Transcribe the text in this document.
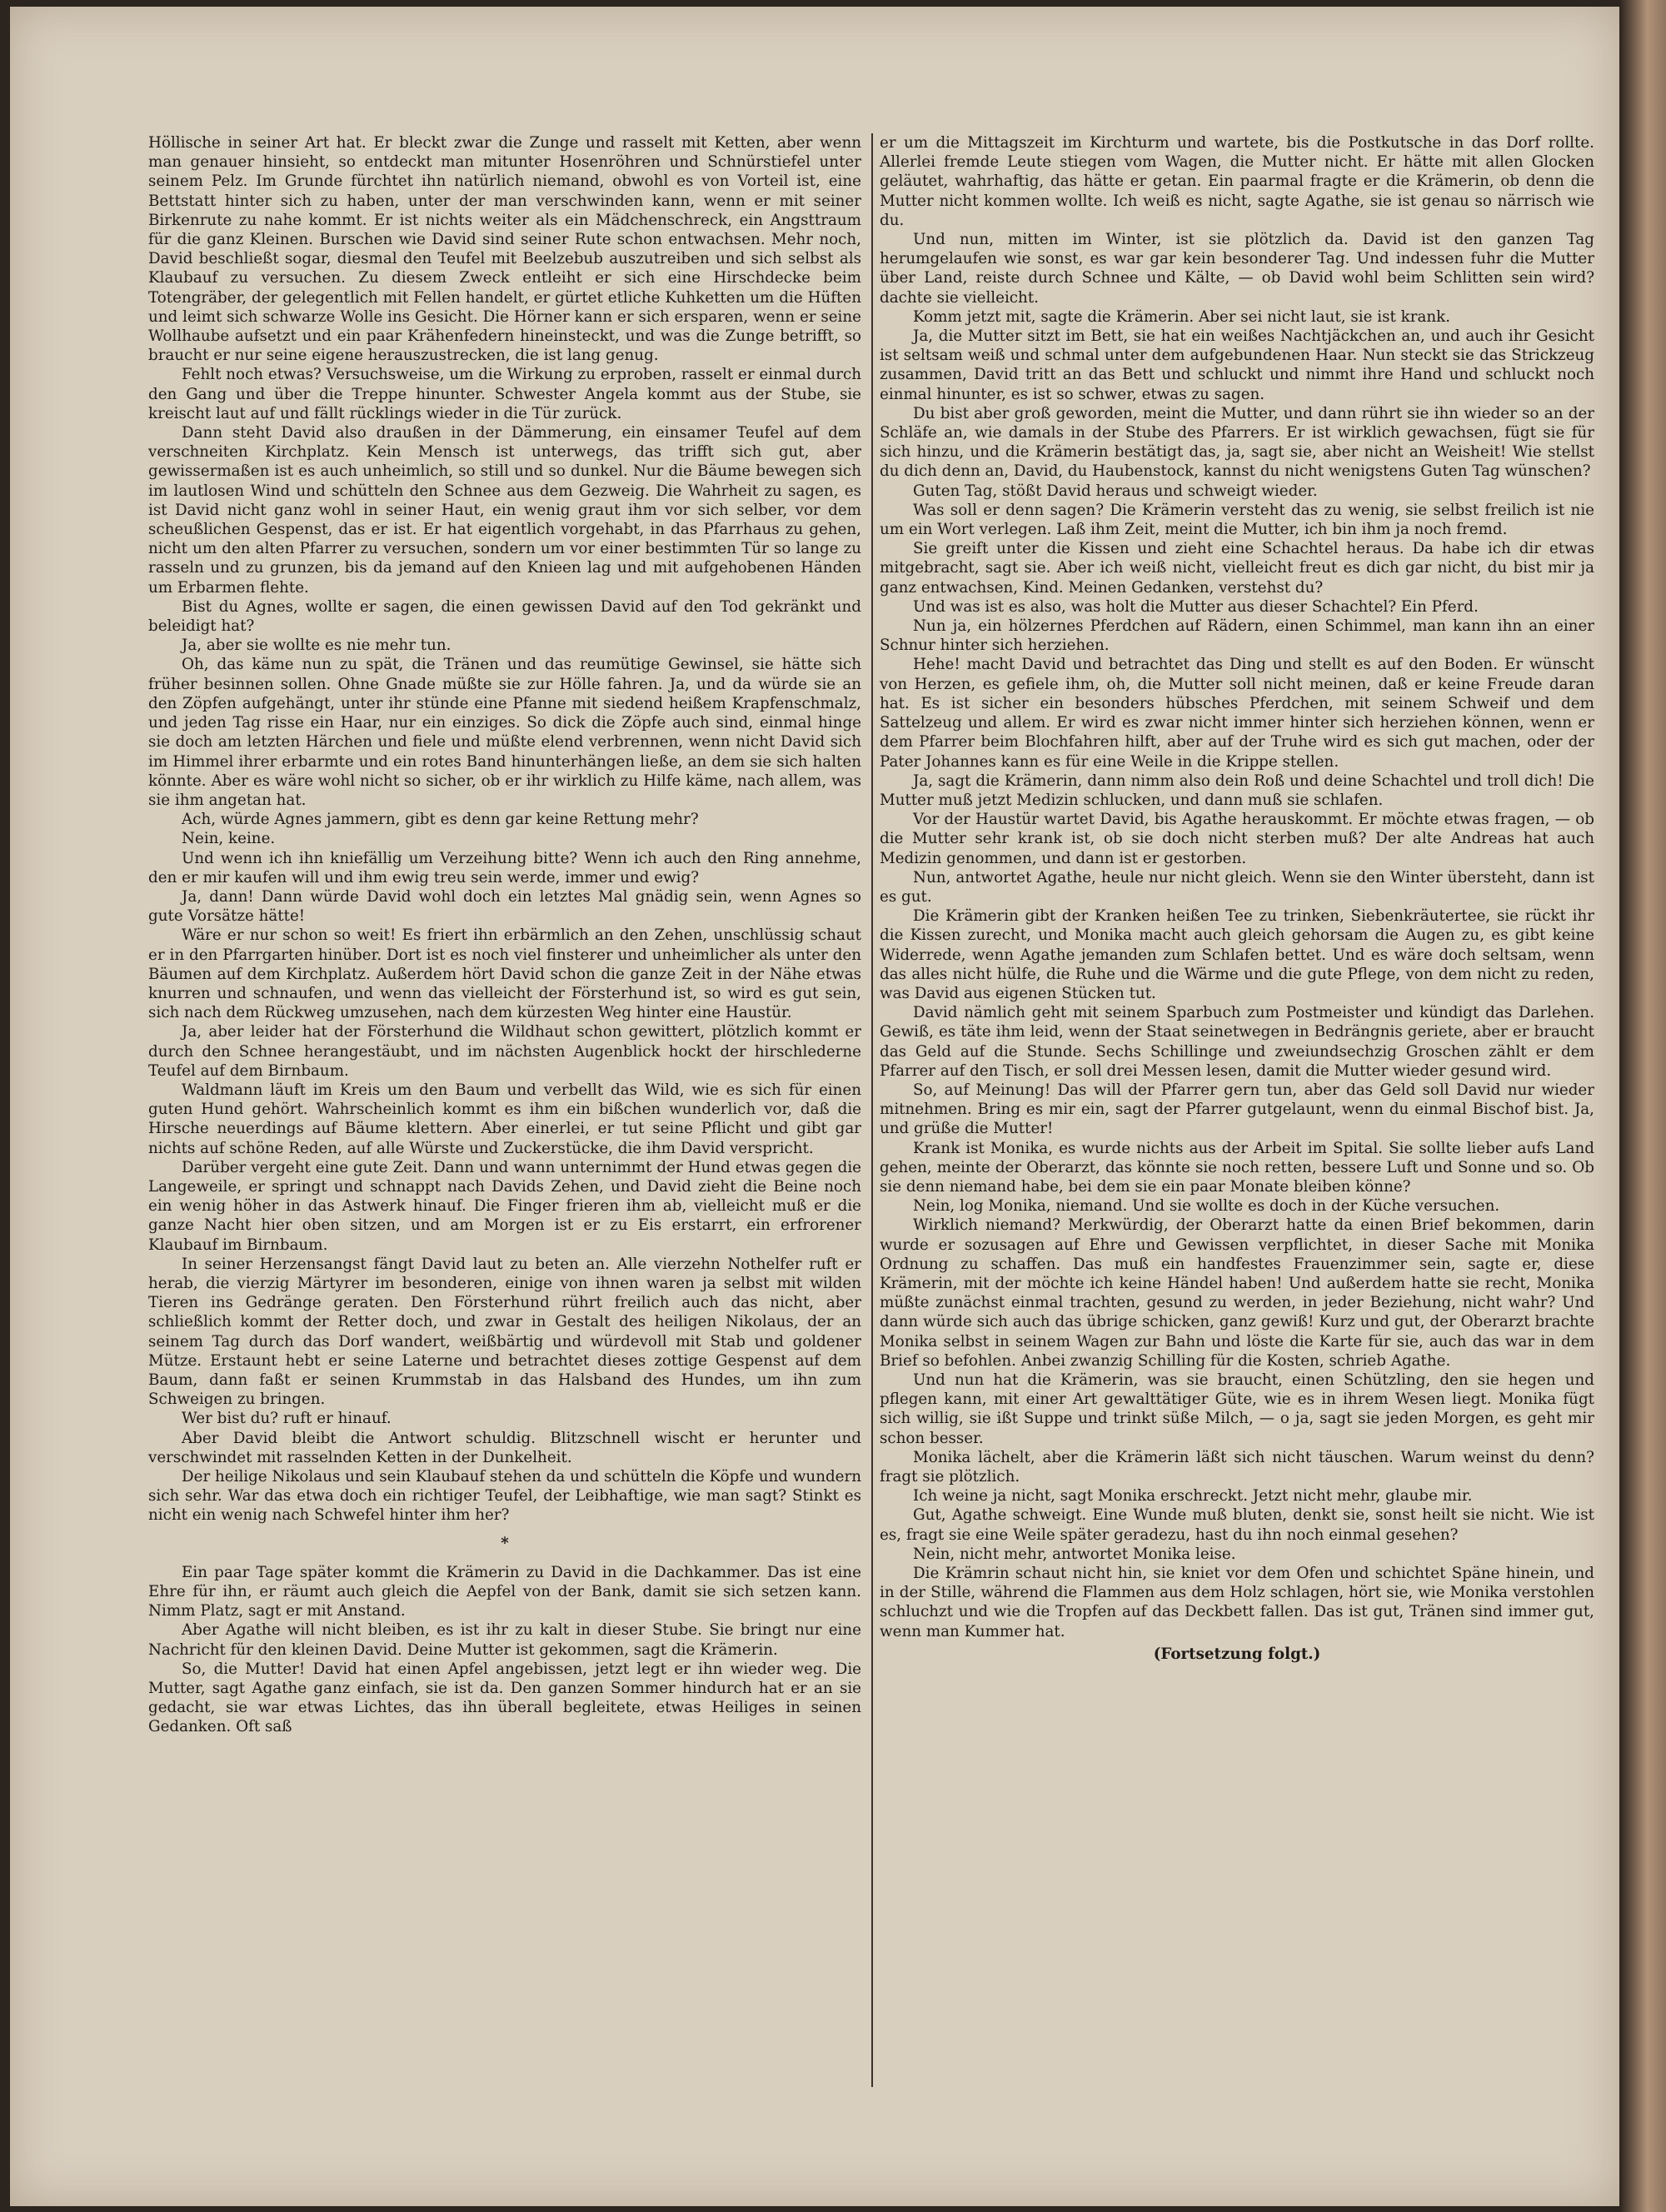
Höllische in seiner Art hat. Er bleckt zwar die Zunge und rasselt mit Ketten, aber wenn man genauer hinsieht, so entdeckt man mitunter Hosenröhren und Schnürstiefel unter seinem Pelz. Im Grunde fürchtet ihn natürlich niemand, obwohl es von Vorteil ist, eine Bettstatt hinter sich zu haben, unter der man verschwinden kann, wenn er mit seiner Birkenrute zu nahe kommt. Er ist nichts weiter als ein Mädchenschreck, ein Angsttraum für die ganz Kleinen. Burschen wie David sind seiner Rute schon entwachsen. Mehr noch, David beschließt sogar, diesmal den Teufel mit Beelzebub auszutreiben und sich selbst als Klaubauf zu versuchen. Zu diesem Zweck entleiht er sich eine Hirschdecke beim Totengräber, der gelegentlich mit Fellen handelt, er gürtet etliche Kuhketten um die Hüften und leimt sich schwarze Wolle ins Gesicht. Die Hörner kann er sich ersparen, wenn er seine Wollhaube aufsetzt und ein paar Krähenfedern hineinsteckt, und was die Zunge betrifft, so braucht er nur seine eigene herauszustrecken, die ist lang genug.

Fehlt noch etwas? Versuchsweise, um die Wirkung zu erproben, rasselt er einmal durch den Gang und über die Treppe hinunter. Schwester Angela kommt aus der Stube, sie kreischt laut auf und fällt rücklings wieder in die Tür zurück.

Dann steht David also draußen in der Dämmerung, ein einsamer Teufel auf dem verschneiten Kirchplatz. Kein Mensch ist unterwegs, das trifft sich gut, aber gewissermaßen ist es auch unheimlich, so still und so dunkel. Nur die Bäume bewegen sich im lautlosen Wind und schütteln den Schnee aus dem Gezweig. Die Wahrheit zu sagen, es ist David nicht ganz wohl in seiner Haut, ein wenig graut ihm vor sich selber, vor dem scheußlichen Gespenst, das er ist. Er hat eigentlich vorgehabt, in das Pfarrhaus zu gehen, nicht um den alten Pfarrer zu versuchen, sondern um vor einer bestimmten Tür so lange zu rasseln und zu grunzen, bis da jemand auf den Knieen lag und mit aufgehobenen Händen um Erbarmen flehte.

Bist du Agnes, wollte er sagen, die einen gewissen David auf den Tod gekränkt und beleidigt hat?

Ja, aber sie wollte es nie mehr tun.

Oh, das käme nun zu spät, die Tränen und das reumütige Gewinsel, sie hätte sich früher besinnen sollen. Ohne Gnade müßte sie zur Hölle fahren. Ja, und da würde sie an den Zöpfen aufgehängt, unter ihr stünde eine Pfanne mit siedend heißem Krapfenschmalz, und jeden Tag risse ein Haar, nur ein einziges. So dick die Zöpfe auch sind, einmal hinge sie doch am letzten Härchen und fiele und müßte elend verbrennen, wenn nicht David sich im Himmel ihrer erbarmte und ein rotes Band hinunterhängen ließe, an dem sie sich halten könnte. Aber es wäre wohl nicht so sicher, ob er ihr wirklich zu Hilfe käme, nach allem, was sie ihm angetan hat.

Ach, würde Agnes jammern, gibt es denn gar keine Rettung mehr?

Nein, keine.

Und wenn ich ihn kniefällig um Verzeihung bitte? Wenn ich auch den Ring annehme, den er mir kaufen will und ihm ewig treu sein werde, immer und ewig?

Ja, dann! Dann würde David wohl doch ein letztes Mal gnädig sein, wenn Agnes so gute Vorsätze hätte!

Wäre er nur schon so weit! Es friert ihn erbärmlich an den Zehen, unschlüssig schaut er in den Pfarrgarten hinüber. Dort ist es noch viel finsterer und unheimlicher als unter den Bäumen auf dem Kirchplatz. Außerdem hört David schon die ganze Zeit in der Nähe etwas knurren und schnaufen, und wenn das vielleicht der Försterhund ist, so wird es gut sein, sich nach dem Rückweg umzusehen, nach dem kürzesten Weg hinter eine Haustür.

Ja, aber leider hat der Försterhund die Wildhaut schon gewittert, plötzlich kommt er durch den Schnee herangestäubt, und im nächsten Augenblick hockt der hirschlederne Teufel auf dem Birnbaum.

Waldmann läuft im Kreis um den Baum und verbellt das Wild, wie es sich für einen guten Hund gehört. Wahrscheinlich kommt es ihm ein bißchen wunderlich vor, daß die Hirsche neuerdings auf Bäume klettern. Aber einerlei, er tut seine Pflicht und gibt gar nichts auf schöne Reden, auf alle Würste und Zuckerstücke, die ihm David verspricht.

Darüber vergeht eine gute Zeit. Dann und wann unternimmt der Hund etwas gegen die Langeweile, er springt und schnappt nach Davids Zehen, und David zieht die Beine noch ein wenig höher in das Astwerk hinauf. Die Finger frieren ihm ab, vielleicht muß er die ganze Nacht hier oben sitzen, und am Morgen ist er zu Eis erstarrt, ein erfrorener Klaubauf im Birnbaum.

In seiner Herzensangst fängt David laut zu beten an. Alle vierzehn Nothelfer ruft er herab, die vierzig Märtyrer im besonderen, einige von ihnen waren ja selbst mit wilden Tieren ins Gedränge geraten. Den Försterhund rührt freilich auch das nicht, aber schließlich kommt der Retter doch, und zwar in Gestalt des heiligen Nikolaus, der an seinem Tag durch das Dorf wandert, weißbärtig und würdevoll mit Stab und goldener Mütze. Erstaunt hebt er seine Laterne und betrachtet dieses zottige Gespenst auf dem Baum, dann faßt er seinen Krummstab in das Halsband des Hundes, um ihn zum Schweigen zu bringen.

Wer bist du? ruft er hinauf.

Aber David bleibt die Antwort schuldig. Blitzschnell wischt er herunter und verschwindet mit rasselnden Ketten in der Dunkelheit.

Der heilige Nikolaus und sein Klaubauf stehen da und schütteln die Köpfe und wundern sich sehr. War das etwa doch ein richtiger Teufel, der Leibhaftige, wie man sagt? Stinkt es nicht ein wenig nach Schwefel hinter ihm her?

*

Ein paar Tage später kommt die Krämerin zu David in die Dachkammer. Das ist eine Ehre für ihn, er räumt auch gleich die Aepfel von der Bank, damit sie sich setzen kann. Nimm Platz, sagt er mit Anstand.

Aber Agathe will nicht bleiben, es ist ihr zu kalt in dieser Stube. Sie bringt nur eine Nachricht für den kleinen David. Deine Mutter ist gekommen, sagt die Krämerin.

So, die Mutter! David hat einen Apfel angebissen, jetzt legt er ihn wieder weg. Die Mutter, sagt Agathe ganz einfach, sie ist da. Den ganzen Sommer hindurch hat er an sie gedacht, sie war etwas Lichtes, das ihn überall begleitete, etwas Heiliges in seinen Gedanken. Oft saß

er um die Mittagszeit im Kirchturm und wartete, bis die Postkutsche in das Dorf rollte. Allerlei fremde Leute stiegen vom Wagen, die Mutter nicht. Er hätte mit allen Glocken geläutet, wahrhaftig, das hätte er getan. Ein paarmal fragte er die Krämerin, ob denn die Mutter nicht kommen wollte. Ich weiß es nicht, sagte Agathe, sie ist genau so närrisch wie du.

Und nun, mitten im Winter, ist sie plötzlich da. David ist den ganzen Tag herumgelaufen wie sonst, es war gar kein besonderer Tag. Und indessen fuhr die Mutter über Land, reiste durch Schnee und Kälte, — ob David wohl beim Schlitten sein wird? dachte sie vielleicht.

Komm jetzt mit, sagte die Krämerin. Aber sei nicht laut, sie ist krank.

Ja, die Mutter sitzt im Bett, sie hat ein weißes Nachtjäckchen an, und auch ihr Gesicht ist seltsam weiß und schmal unter dem aufgebundenen Haar. Nun steckt sie das Strickzeug zusammen, David tritt an das Bett und schluckt und nimmt ihre Hand und schluckt noch einmal hinunter, es ist so schwer, etwas zu sagen.

Du bist aber groß geworden, meint die Mutter, und dann rührt sie ihn wieder so an der Schläfe an, wie damals in der Stube des Pfarrers. Er ist wirklich gewachsen, fügt sie für sich hinzu, und die Krämerin bestätigt das, ja, sagt sie, aber nicht an Weisheit! Wie stellst du dich denn an, David, du Haubenstock, kannst du nicht wenigstens Guten Tag wünschen?

Guten Tag, stößt David heraus und schweigt wieder.

Was soll er denn sagen? Die Krämerin versteht das zu wenig, sie selbst freilich ist nie um ein Wort verlegen. Laß ihm Zeit, meint die Mutter, ich bin ihm ja noch fremd.

Sie greift unter die Kissen und zieht eine Schachtel heraus. Da habe ich dir etwas mitgebracht, sagt sie. Aber ich weiß nicht, vielleicht freut es dich gar nicht, du bist mir ja ganz entwachsen, Kind. Meinen Gedanken, verstehst du?

Und was ist es also, was holt die Mutter aus dieser Schachtel? Ein Pferd.

Nun ja, ein hölzernes Pferdchen auf Rädern, einen Schimmel, man kann ihn an einer Schnur hinter sich herziehen.

Hehe! macht David und betrachtet das Ding und stellt es auf den Boden. Er wünscht von Herzen, es gefiele ihm, oh, die Mutter soll nicht meinen, daß er keine Freude daran hat. Es ist sicher ein besonders hübsches Pferdchen, mit seinem Schweif und dem Sattelzeug und allem. Er wird es zwar nicht immer hinter sich herziehen können, wenn er dem Pfarrer beim Blochfahren hilft, aber auf der Truhe wird es sich gut machen, oder der Pater Johannes kann es für eine Weile in die Krippe stellen.

Ja, sagt die Krämerin, dann nimm also dein Roß und deine Schachtel und troll dich! Die Mutter muß jetzt Medizin schlucken, und dann muß sie schlafen.

Vor der Haustür wartet David, bis Agathe herauskommt. Er möchte etwas fragen, — ob die Mutter sehr krank ist, ob sie doch nicht sterben muß? Der alte Andreas hat auch Medizin genommen, und dann ist er gestorben.

Nun, antwortet Agathe, heule nur nicht gleich. Wenn sie den Winter übersteht, dann ist es gut.

Die Krämerin gibt der Kranken heißen Tee zu trinken, Siebenkräutertee, sie rückt ihr die Kissen zurecht, und Monika macht auch gleich gehorsam die Augen zu, es gibt keine Widerrede, wenn Agathe jemanden zum Schlafen bettet. Und es wäre doch seltsam, wenn das alles nicht hülfe, die Ruhe und die Wärme und die gute Pflege, von dem nicht zu reden, was David aus eigenen Stücken tut.

David nämlich geht mit seinem Sparbuch zum Postmeister und kündigt das Darlehen. Gewiß, es täte ihm leid, wenn der Staat seinetwegen in Bedrängnis geriete, aber er braucht das Geld auf die Stunde. Sechs Schillinge und zweiundsechzig Groschen zählt er dem Pfarrer auf den Tisch, er soll drei Messen lesen, damit die Mutter wieder gesund wird.

So, auf Meinung! Das will der Pfarrer gern tun, aber das Geld soll David nur wieder mitnehmen. Bring es mir ein, sagt der Pfarrer gutgelaunt, wenn du einmal Bischof bist. Ja, und grüße die Mutter!

Krank ist Monika, es wurde nichts aus der Arbeit im Spital. Sie sollte lieber aufs Land gehen, meinte der Oberarzt, das könnte sie noch retten, bessere Luft und Sonne und so. Ob sie denn niemand habe, bei dem sie ein paar Monate bleiben könne?

Nein, log Monika, niemand. Und sie wollte es doch in der Küche versuchen.

Wirklich niemand? Merkwürdig, der Oberarzt hatte da einen Brief bekommen, darin wurde er sozusagen auf Ehre und Gewissen verpflichtet, in dieser Sache mit Monika Ordnung zu schaffen. Das muß ein handfestes Frauenzimmer sein, sagte er, diese Krämerin, mit der möchte ich keine Händel haben! Und außerdem hatte sie recht, Monika müßte zunächst einmal trachten, gesund zu werden, in jeder Beziehung, nicht wahr? Und dann würde sich auch das übrige schicken, ganz gewiß! Kurz und gut, der Oberarzt brachte Monika selbst in seinem Wagen zur Bahn und löste die Karte für sie, auch das war in dem Brief so befohlen. Anbei zwanzig Schilling für die Kosten, schrieb Agathe.

Und nun hat die Krämerin, was sie braucht, einen Schützling, den sie hegen und pflegen kann, mit einer Art gewalttätiger Güte, wie es in ihrem Wesen liegt. Monika fügt sich willig, sie ißt Suppe und trinkt süße Milch, — o ja, sagt sie jeden Morgen, es geht mir schon besser.

Monika lächelt, aber die Krämerin läßt sich nicht täuschen. Warum weinst du denn? fragt sie plötzlich.

Ich weine ja nicht, sagt Monika erschreckt. Jetzt nicht mehr, glaube mir.

Gut, Agathe schweigt. Eine Wunde muß bluten, denkt sie, sonst heilt sie nicht. Wie ist es, fragt sie eine Weile später geradezu, hast du ihn noch einmal gesehen?

Nein, nicht mehr, antwortet Monika leise.

Die Krämrin schaut nicht hin, sie kniet vor dem Ofen und schichtet Späne hinein, und in der Stille, während die Flammen aus dem Holz schlagen, hört sie, wie Monika verstohlen schluchzt und wie die Tropfen auf das Deckbett fallen. Das ist gut, Tränen sind immer gut, wenn man Kummer hat.

(Fortsetzung folgt.)
